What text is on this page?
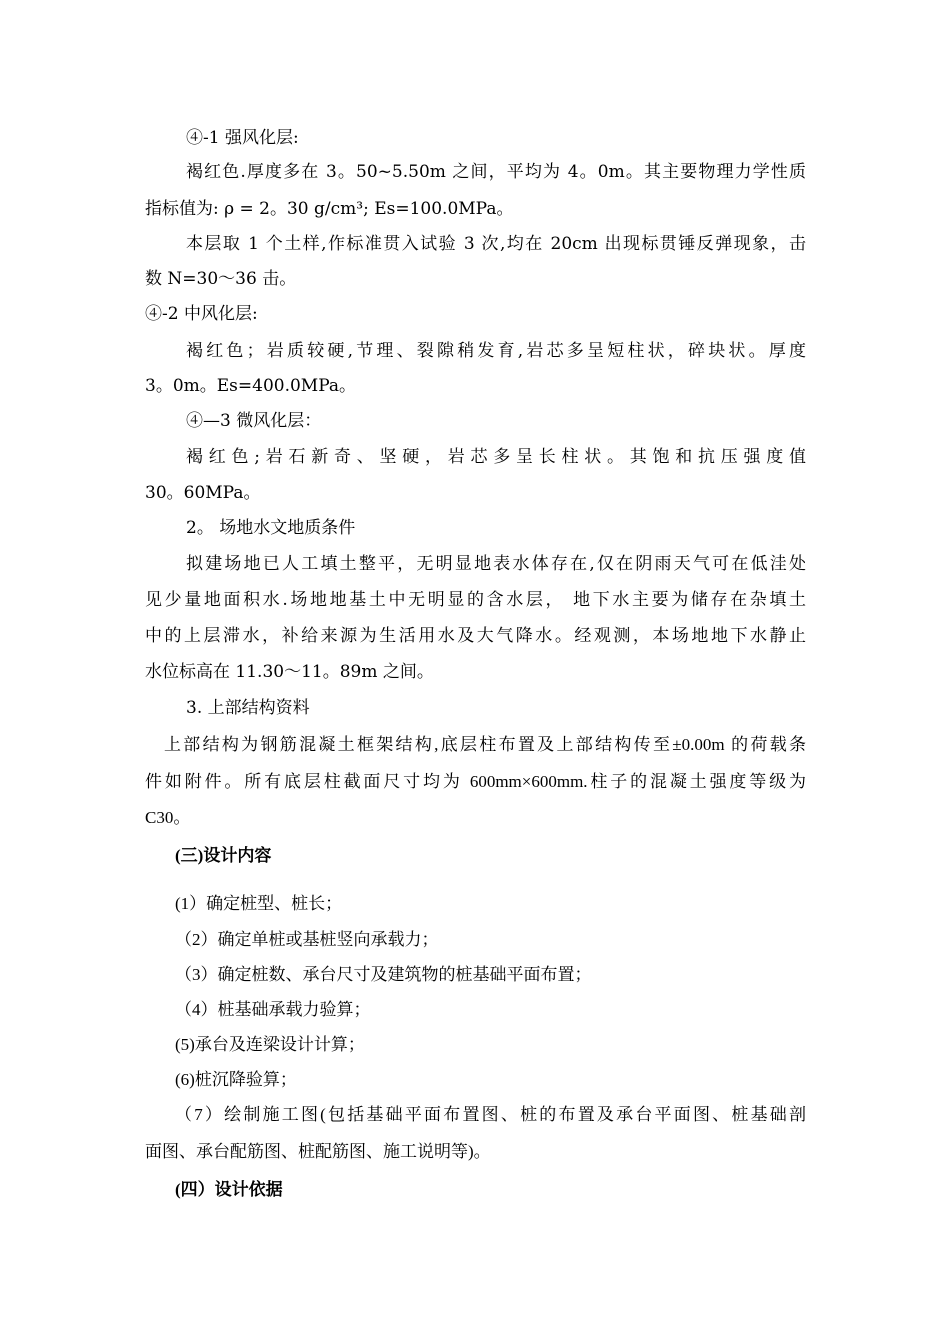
④-1 强风化层:
褐红色.厚度多在 3。50~5.50m 之间，平均为 4。0m。其主要物理力学性质
指标值为: ρ = 2。30 g/cm³; Es=100.0MPa。
本层取 1 个土样,作标准贯入试验 3 次,均在 20cm 出现标贯锤反弹现象，击
数 N=30～36 击。
④-2 中风化层:
褐红色；岩质较硬,节理、裂隙稍发育,岩芯多呈短柱状，碎块状。厚度
3。0m。Es=400.0MPa。
④—3 微风化层：
褐红色;岩石新奇、坚硬，岩芯多呈长柱状。其饱和抗压强度值
30。60MPa。
2。 场地水文地质条件
拟建场地已人工填土整平，无明显地表水体存在,仅在阴雨天气可在低洼处
见少量地面积水.场地地基土中无明显的含水层， 地下水主要为储存在杂填土
中的上层滞水，补给来源为生活用水及大气降水。经观测，本场地地下水静止
水位标高在 11.30～11。89m 之间。
3. 上部结构资料
上部结构为钢筋混凝土框架结构,底层柱布置及上部结构传至±0.00m 的荷载条
件如附件。所有底层柱截面尺寸均为 600mm×600mm.柱子的混凝土强度等级为
C30。
(三)设计内容
(1）确定桩型、桩长；
（2）确定单桩或基桩竖向承载力；
（3）确定桩数、承台尺寸及建筑物的桩基础平面布置；
（4）桩基础承载力验算；
(5)承台及连梁设计计算；
(6)桩沉降验算；
（7）绘制施工图(包括基础平面布置图、桩的布置及承台平面图、桩基础剖
面图、承台配筋图、桩配筋图、施工说明等)。
(四）设计依据
